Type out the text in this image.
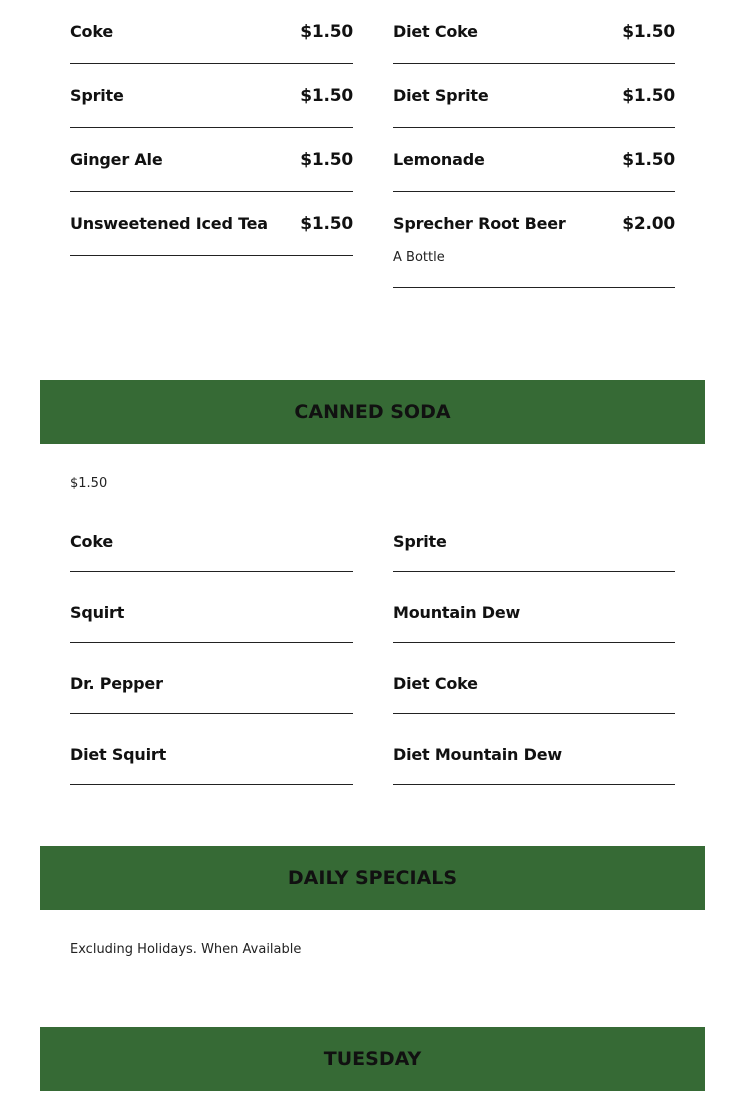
Coke	$1.50	Diet Coke	$1.50
Sprite	$1.50	Diet Sprite	$1.50
Ginger Ale	$1.50	Lemonade	$1.50
Unsweetened Iced Tea $1.50	Sprecher Root Beer	$2.00
A Bottle
CANNED SODA
$1.50
Coke	Sprite
Squirt	Mountain Dew
Dr. Pepper	Diet Coke
Diet Squirt	Diet Mountain Dew
DAILY SPECIALS
Excluding Holidays. When Available
TUESDAY
